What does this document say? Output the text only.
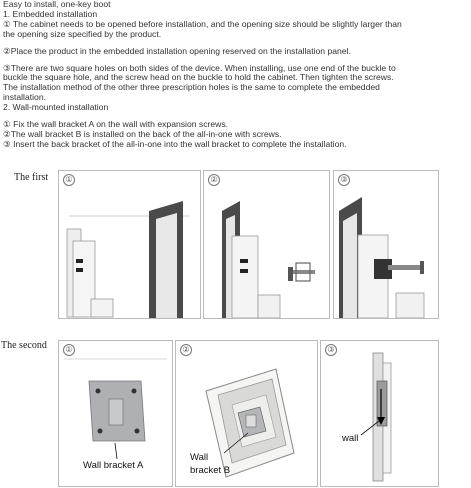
Easy to install, one-key boot

1. Embedded installation

① The cabinet needs to be opened before installation, and the opening size should be slightly larger than

the opening size specified by the product.

②Place the product in the embedded installation opening reserved on the installation panel.

③There are two square holes on both sides of the device. When installing, use one end of the buckle to

buckle the square hole, and the screw head on the buckle to hold the cabinet. Then tighten the screws.

The installation method of the other three prescription holes is the same to complete the embedded

installation.

2. Wall-mounted installation

① Fix the wall bracket A on the wall with expansion screws.

②The wall bracket B is installed on the back of the all-in-one with screws.

③ Insert the back bracket of the all-in-one into the wall bracket to complete the installation.

The first	①	②	③
The second	①
Wall bracket A
②
Wall
bracket B
③
wall
